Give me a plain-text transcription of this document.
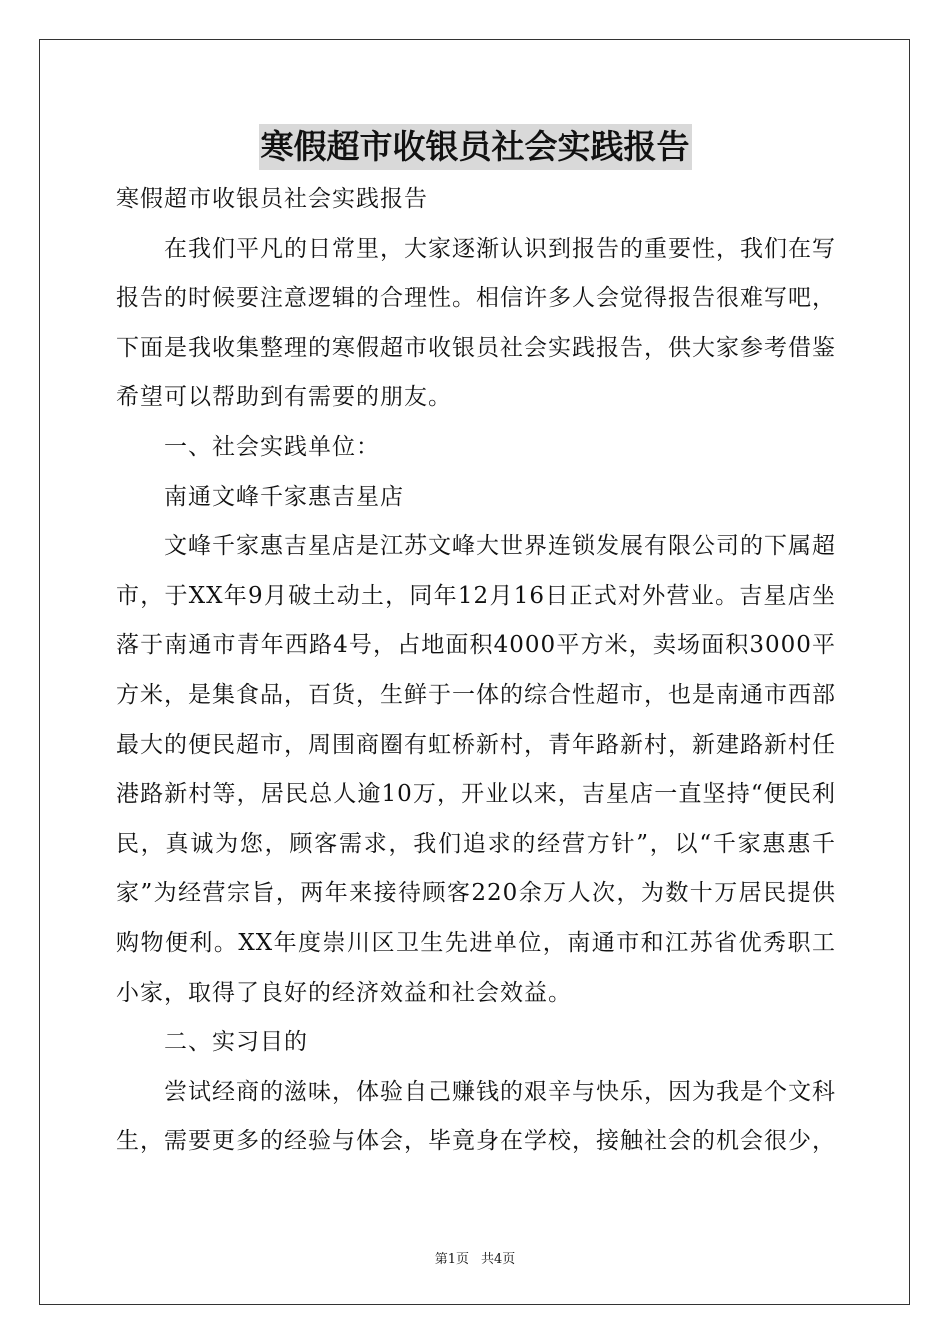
寒假超市收银员社会实践报告

寒假超市收银员社会实践报告

在我们平凡的日常里，大家逐渐认识到报告的重要性，我们在写报告的时候要注意逻辑的合理性。相信许多人会觉得报告很难写吧，下面是我收集整理的寒假超市收银员社会实践报告，供大家参考借鉴希望可以帮助到有需要的朋友。

一、社会实践单位：

南通文峰千家惠吉星店

文峰千家惠吉星店是江苏文峰大世界连锁发展有限公司的下属超市，于XX年9月破土动土，同年12月16日正式对外营业。吉星店坐落于南通市青年西路4号，占地面积4000平方米，卖场面积3000平方米，是集食品，百货，生鲜于一体的综合性超市，也是南通市西部最大的便民超市，周围商圈有虹桥新村，青年路新村，新建路新村任港路新村等，居民总人逾10万，开业以来，吉星店一直坚持“便民利民，真诚为您，顾客需求，我们追求的经营方针”，以“千家惠惠千家”为经营宗旨，两年来接待顾客220余万人次，为数十万居民提供购物便利。XX年度崇川区卫生先进单位，南通市和江苏省优秀职工小家，取得了良好的经济效益和社会效益。

二、实习目的

尝试经商的滋味，体验自己赚钱的艰辛与快乐，因为我是个文科生，需要更多的经验与体会，毕竟身在学校，接触社会的机会很少，

第1页 共4页
